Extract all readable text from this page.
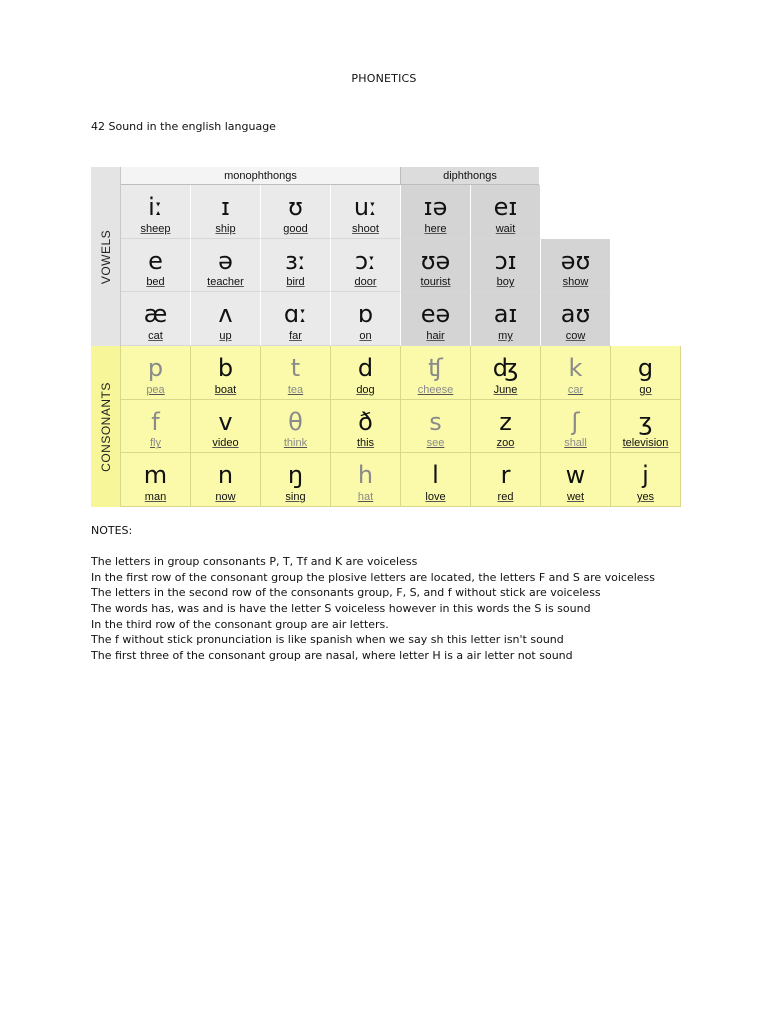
PHONETICS
42 Sound in the english language
monophthongs	diphthongs
VOWELS
CONSONANTS
iː
sheep
ɪ
ship
ʊ
good
uː
shoot
ɪə
here
eɪ
wait
e
bed
ə
teacher
ɜː
bird
ɔː
door
ʊə
tourist
ɔɪ
boy
əʊ
show
æ
cat
ʌ
up
ɑː
far
ɒ
on
eə
hair
aɪ
my
aʊ
cow
p
pea
b
boat
t
tea
d
dog
ʧ
cheese
ʤ
June
k
car
g
go
f
fly
v
video
θ
think
ð
this
s
see
z
zoo
ʃ
shall
ʒ
television
m
man
n
now
ŋ
sing
h
hat
l
love
r
red
w
wet
j
yes
NOTES:
The letters in group consonants P, T, Tf and K are voiceless
In the first row of the consonant group the plosive letters are located, the letters F and S are voiceless
The letters in the second row of the consonants group, F, S, and f without stick are voiceless
The words has, was and is have the letter S voiceless however in this words the S is sound
In the third row of the consonant group are air letters.
The f without stick pronunciation is like spanish when we say sh this letter isn't sound
The first three of the consonant group are nasal, where letter H is a air letter not sound
